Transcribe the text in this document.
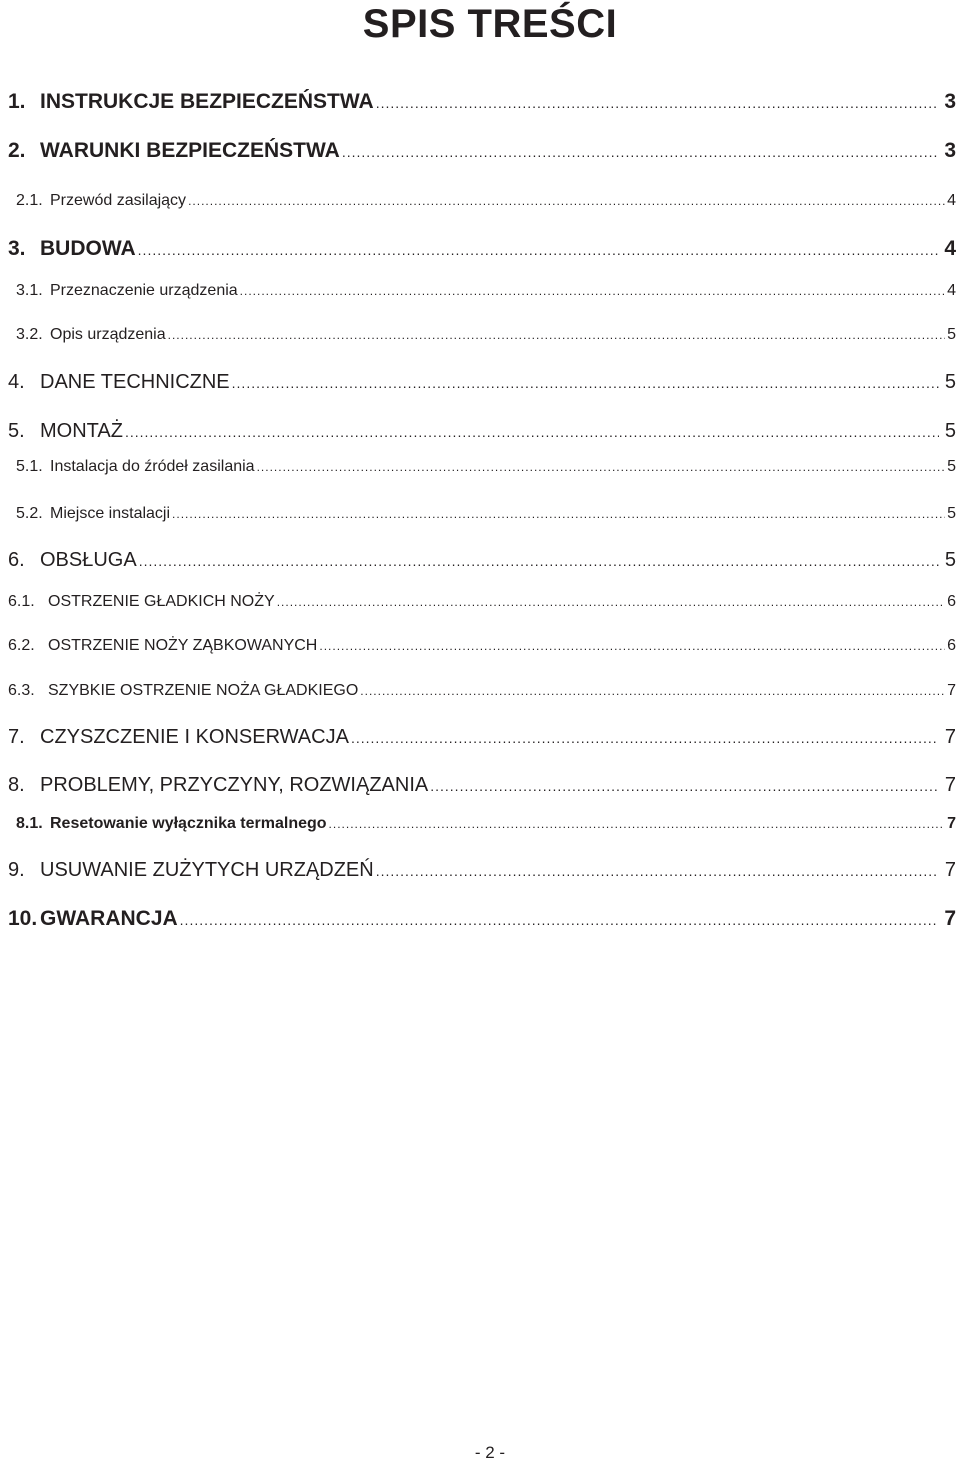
SPIS TREŚCI
1. INSTRUKCJE BEZPIECZEŃSTWA .....	3
2. WARUNKI BEZPIECZEŃSTWA .....	3
2.1. Przewód zasilający .....	4
3. BUDOWA .....	4
3.1. Przeznaczenie urządzenia .....	4
3.2. Opis urządzenia .....	5
4. DANE TECHNICZNE .....	5
5. MONTAŻ .....	5
5.1. Instalacja do źródeł zasilania .....	5
5.2. Miejsce instalacji .....	5
6. OBSŁUGA .....	5
6.1. OSTRZENIE GŁADKICH NOŻY .....	6
6.2. OSTRZENIE NOŻY ZĄBKOWANYCH .....	6
6.3. SZYBKIE OSTRZENIE NOŻA GŁADKIEGO .....	7
7. CZYSZCZENIE I KONSERWACJA .....	7
8. PROBLEMY, PRZYCZYNY, ROZWIĄZANIA .....	7
8.1. Resetowanie wyłącznika termalnego .....	7
9. USUWANIE ZUŻYTYCH URZĄDZEŃ .....	7
10. GWARANCJA .....	7
- 2 -
